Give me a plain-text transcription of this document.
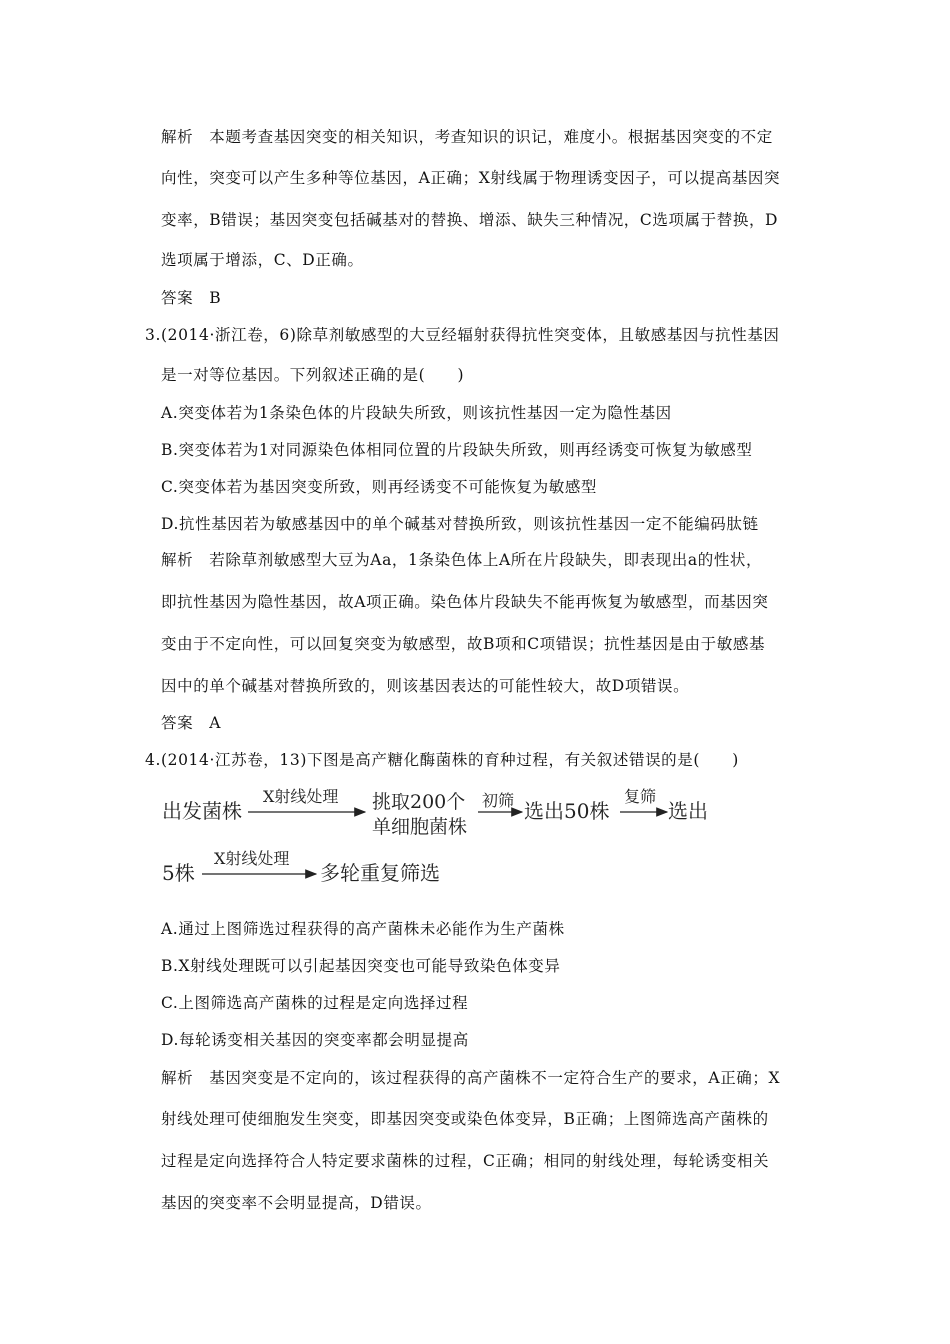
解析　本题考查基因突变的相关知识，考查知识的识记，难度小。根据基因突变的不定
向性，突变可以产生多种等位基因，A正确；X射线属于物理诱变因子，可以提高基因突
变率，B错误；基因突变包括碱基对的替换、增添、缺失三种情况，C选项属于替换，D
选项属于增添，C、D正确。
答案　B
3.(2014·浙江卷，6)除草剂敏感型的大豆经辐射获得抗性突变体，且敏感基因与抗性基因
是一对等位基因。下列叙述正确的是(　　)
A.突变体若为1条染色体的片段缺失所致，则该抗性基因一定为隐性基因
B.突变体若为1对同源染色体相同位置的片段缺失所致，则再经诱变可恢复为敏感型
C.突变体若为基因突变所致，则再经诱变不可能恢复为敏感型
D.抗性基因若为敏感基因中的单个碱基对替换所致，则该抗性基因一定不能编码肽链
解析　若除草剂敏感型大豆为Aa，1条染色体上A所在片段缺失，即表现出a的性状，
即抗性基因为隐性基因，故A项正确。染色体片段缺失不能再恢复为敏感型，而基因突
变由于不定向性，可以回复突变为敏感型，故B项和C项错误；抗性基因是由于敏感基
因中的单个碱基对替换所致的，则该基因表达的可能性较大，故D项错误。
答案　A
4.(2014·江苏卷，13)下图是高产糖化酶菌株的育种过程，有关叙述错误的是(　　)
出发菌株
X射线处理 挑取200个
单细胞菌株
初筛 选出50株
复筛
选出
5株
X射线处理
多轮重复筛选
A.通过上图筛选过程获得的高产菌株未必能作为生产菌株
B.X射线处理既可以引起基因突变也可能导致染色体变异
C.上图筛选高产菌株的过程是定向选择过程
D.每轮诱变相关基因的突变率都会明显提高
解析　基因突变是不定向的，该过程获得的高产菌株不一定符合生产的要求，A正确；X
射线处理可使细胞发生突变，即基因突变或染色体变异，B正确；上图筛选高产菌株的
过程是定向选择符合人特定要求菌株的过程，C正确；相同的射线处理，每轮诱变相关
基因的突变率不会明显提高，D错误。
